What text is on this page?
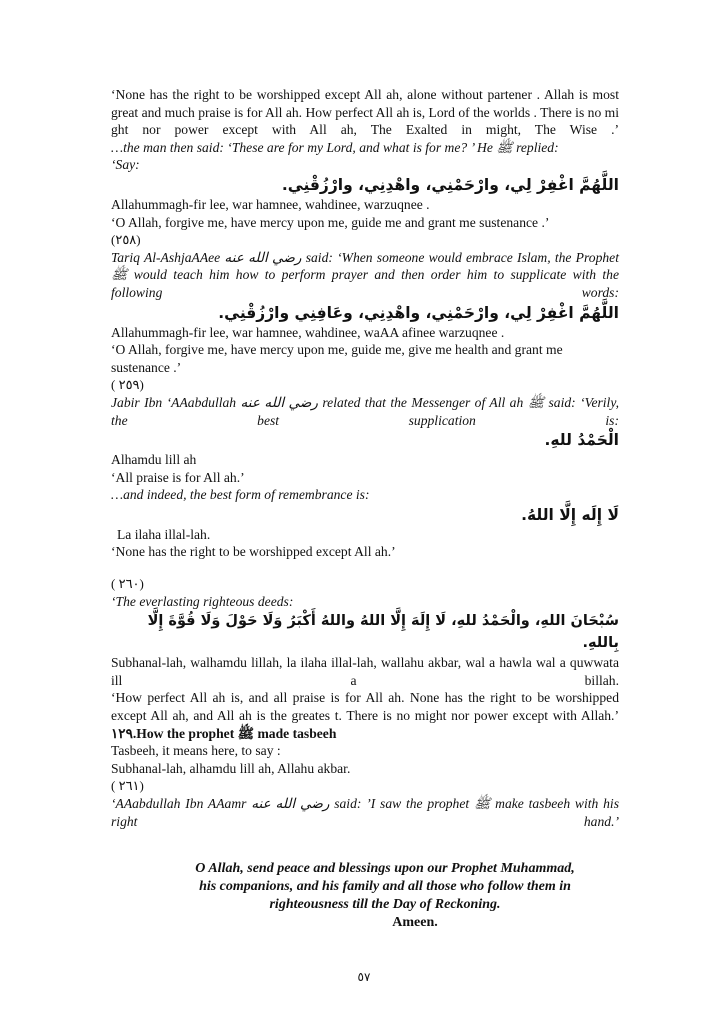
‘None has the right to be worshipped except All ah, alone without partener . Allah is most great and much praise is for All ah. How perfect All ah is, Lord of the worlds . There is no mi ght nor power except with All ah, The Exalted in might, The Wise .’
…the man then said: ‘These are for my Lord, and what is for me? ’ He ﷺ replied:
‘Say:
اللَّهُمَّ اغْفِرْ لِي، وارْحَمْنِي، واهْدِنِي، وارْزُقْنِي.
Allahummagh-fir lee, war hamnee, wahdinee, warzuqnee .
‘O Allah, forgive me, have mercy upon me, guide me and grant me sustenance .’
(٢٥٨)
Tariq Al-AshjaAAee رضي الله عنه said: ‘When someone would embrace Islam, the Prophet ﷺ would teach him how to perform prayer and then order him to supplicate with the following words:
اللَّهُمَّ اغْفِرْ لِي، وارْحَمْنِي، واهْدِنِي، وعَافِنِي وارْزُقْنِي.
Allahummagh-fir lee, war hamnee, wahdinee, waAA afinee warzuqnee .
‘O Allah, forgive me, have mercy upon me, guide me, give me health and grant me sustenance .’
( ٢٥٩)
Jabir Ibn ‘AAabdullah رضي الله عنه related that the Messenger of All ah ﷺ said: ‘Verily, the best supplication is:
الْحَمْدُ للهِ.
Alhamdu lill ah
‘All praise is for All ah.’
…and indeed, the best form of remembrance is:
لَا إِلَه إِلَّا اللهُ.
La ilaha illal-lah.
‘None has the right to be worshipped except All ah.’
( ٢٦٠)
‘The everlasting righteous deeds:
سُبْحَانَ اللهِ، والْحَمْدُ للهِ، لَا إِلَهَ إِلَّا اللهُ واللهُ أَكْبَرُ وَلَا حَوْلَ وَلَا قُوَّةَ إِلَّا بِاللهِ.
Subhanal-lah, walhamdu lillah, la ilaha illal-lah, wallahu akbar, wal a hawla wal a quwwata ill a billah.
‘How perfect All ah is, and all praise is for All ah. None has the right to be worshipped except All ah, and All ah is the greates t. There is no might nor power except with Allah.’
١٢٩.How the prophet ﷺ made tasbeeh
Tasbeeh, it means here, to say :
Subhanal-lah, alhamdu lill ah, Allahu akbar.
( ٢٦١)
‘AAabdullah Ibn AAamr رضي الله عنه said: ’I saw the prophet ﷺ make tasbeeh with his right hand.’
O Allah, send peace and blessings upon our Prophet Muhammad,
his companions, and his family and all those who follow them in
righteousness till the Day of Reckoning.
Ameen.
٥٧
